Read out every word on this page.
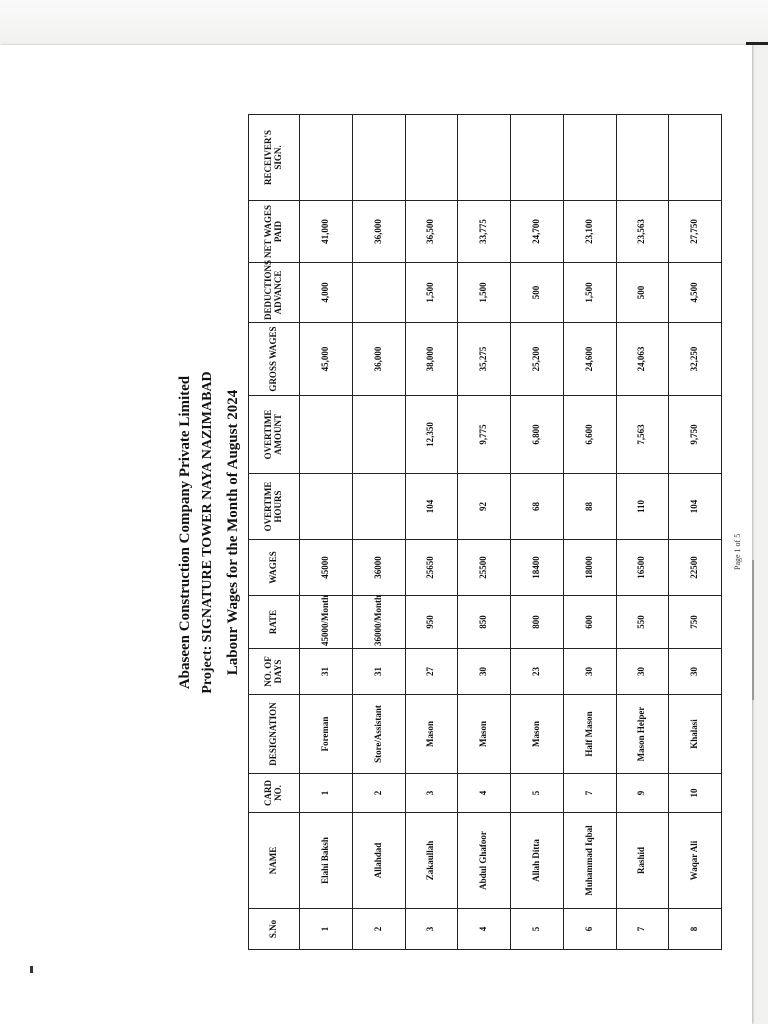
Abaseen Construction Company Private Limited Project: SIGNATURE TOWER NAYA NAZIMABAD Labour Wages for the Month of August 2024
S.No	NAME	CARD NO.	DESIGNATION	NO. OF DAYS	RATE	WAGES	OVERTIME HOURS	OVERTIME AMOUNT	GROSS WAGES	DEDUCTIONS ADVANCE	NET WAGES PAID	RECEIVER'S SIGN.
1	Elahi Baksh	1	Foreman	31	45000/Month	45000			45,000	4,000	41,000	
2	Allahdad	2	Store/Assistant	31	36000/Month	36000			36,000		36,000	
3	Zakaullah	3	Mason	27	950	25650	104	12,350	38,000	1,500	36,500	
4	Abdul Ghafoor	4	Mason	30	850	25500	92	9,775	35,275	1,500	33,775	
5	Allah Ditta	5	Mason	23	800	18400	68	6,800	25,200	500	24,700	
6	Muhammad Iqbal	7	Half Mason	30	600	18000	88	6,600	24,600	1,500	23,100	
7	Rashid	9	Mason Helper	30	550	16500	110	7,563	24,063	500	23,563	
8	Waqar Ali	10	Khalasi	30	750	22500	104	9,750	32,250	4,500	27,750	
Page 1 of 5
